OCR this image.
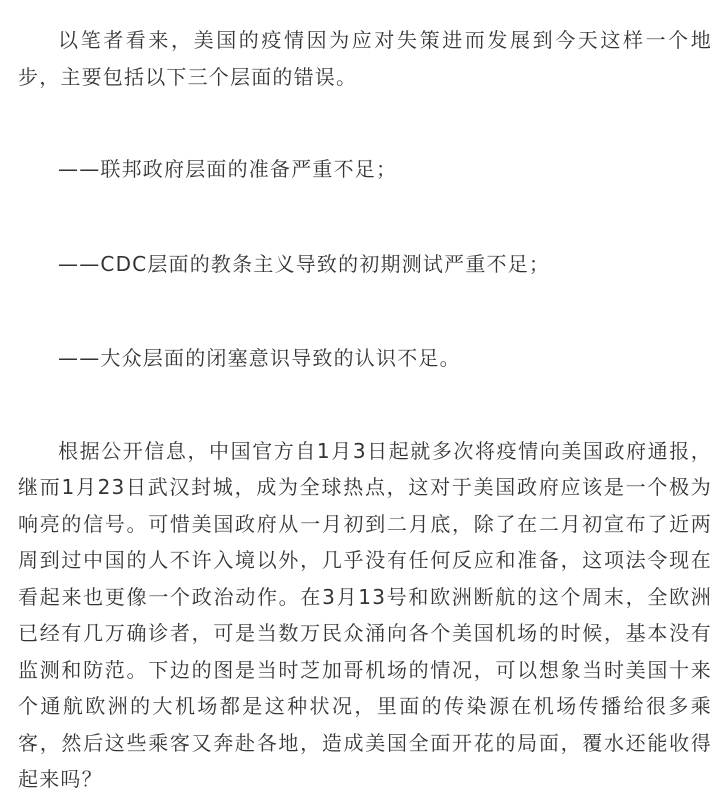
以笔者看来，美国的疫情因为应对失策进而发展到今天这样一个地步，主要包括以下三个层面的错误。

——联邦政府层面的准备严重不足；

——CDC层面的教条主义导致的初期测试严重不足；

——大众层面的闭塞意识导致的认识不足。

根据公开信息，中国官方自1月3日起就多次将疫情向美国政府通报，继而1月23日武汉封城，成为全球热点，这对于美国政府应该是一个极为响亮的信号。可惜美国政府从一月初到二月底，除了在二月初宣布了近两周到过中国的人不许入境以外，几乎没有任何反应和准备，这项法令现在看起来也更像一个政治动作。在3月13号和欧洲断航的这个周末，全欧洲已经有几万确诊者，可是当数万民众涌向各个美国机场的时候，基本没有监测和防范。下边的图是当时芝加哥机场的情况，可以想象当时美国十来个通航欧洲的大机场都是这种状况，里面的传染源在机场传播给很多乘客，然后这些乘客又奔赴各地，造成美国全面开花的局面，覆水还能收得起来吗？
